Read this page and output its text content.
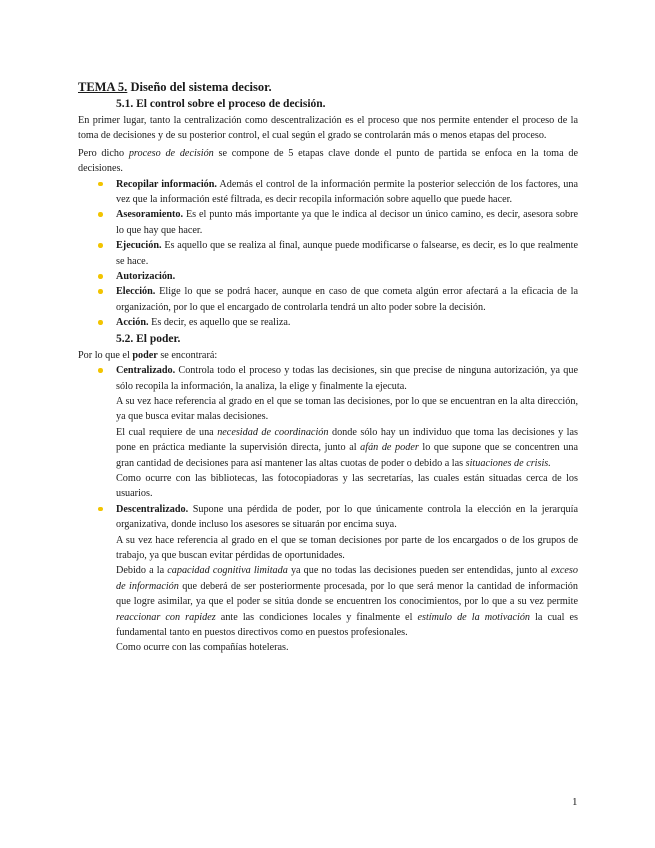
TEMA 5. Diseño del sistema decisor.
5.1. El control sobre el proceso de decisión.

En primer lugar, tanto la centralización como descentralización es el proceso que nos permite entender el proceso de la toma de decisiones y de su posterior control, el cual según el grado se controlarán más o menos etapas del proceso.

Pero dicho proceso de decisión se compone de 5 etapas clave donde el punto de partida se enfoca en la toma de decisiones.

Recopilar información. Además el control de la información permite la posterior selección de los factores, una vez que la información esté filtrada, es decir recopila información sobre aquello que puede hacer.
Asesoramiento. Es el punto más importante ya que le indica al decisor un único camino, es decir, asesora sobre lo que hay que hacer.
Ejecución. Es aquello que se realiza al final, aunque puede modificarse o falsearse, es decir, es lo que realmente se hace.
Autorización.
Elección. Elige lo que se podrá hacer, aunque en caso de que cometa algún error afectará a la eficacia de la organización, por lo que el encargado de controlarla tendrá un alto poder sobre la decisión.
Acción. Es decir, es aquello que se realiza.
5.2. El poder.

Por lo que el poder se encontrará:

Centralizado. Controla todo el proceso y todas las decisiones, sin que precise de ninguna autorización, ya que sólo recopila la información, la analiza, la elige y finalmente la ejecuta.

A su vez hace referencia al grado en el que se toman las decisiones, por lo que se encuentran en la alta dirección, ya que busca evitar malas decisiones.

El cual requiere de una necesidad de coordinación donde sólo hay un individuo que toma las decisiones y las pone en práctica mediante la supervisión directa, junto al afán de poder lo que supone que se concentren una gran cantidad de decisiones para así mantener las altas cuotas de poder o debido a las situaciones de crisis.

Como ocurre con las bibliotecas, las fotocopiadoras y las secretarías, las cuales están situadas cerca de los usuarios.

Descentralizado. Supone una pérdida de poder, por lo que únicamente controla la elección en la jerarquía organizativa, donde incluso los asesores se situarán por encima suya.

A su vez hace referencia al grado en el que se toman decisiones por parte de los encargados o de los grupos de trabajo, ya que buscan evitar pérdidas de oportunidades.

Debido a la capacidad cognitiva limitada ya que no todas las decisiones pueden ser entendidas, junto al exceso de información que deberá de ser posteriormente procesada, por lo que será menor la cantidad de información que logre asimilar, ya que el poder se sitúa donde se encuentren los conocimientos, por lo que a su vez permite reaccionar con rapidez ante las condiciones locales y finalmente el estímulo de la motivación la cual es fundamental tanto en puestos directivos como en puestos profesionales.

Como ocurre con las compañías hoteleras.

1
